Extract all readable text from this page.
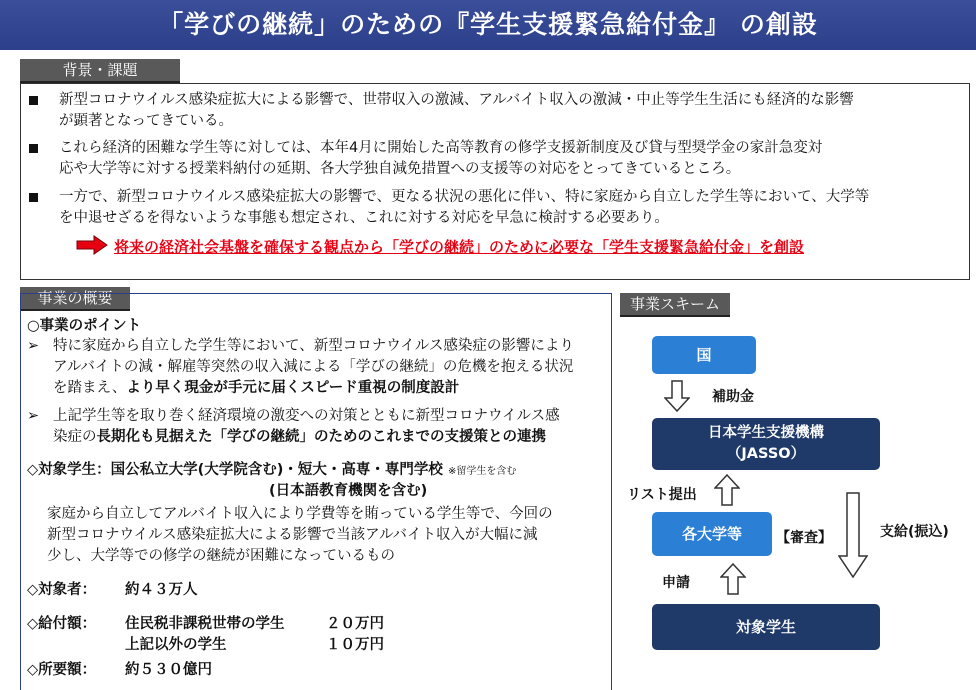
「学びの継続」のための『学生支援緊急給付金』 の創設
背景・課題
新型コロナウイルス感染症拡大による影響で、世帯収入の激減、アルバイト収入の激減・中止等学生生活にも経済的な影響
が顕著となってきている。
これら経済的困難な学生等に対しては、本年4月に開始した高等教育の修学支援新制度及び貸与型奨学金の家計急変対
応や大学等に対する授業料納付の延期、各大学独自減免措置への支援等の対応をとってきているところ。
一方で、新型コロナウイルス感染症拡大の影響で、更なる状況の悪化に伴い、特に家庭から自立した学生等において、大学等
を中退せざるを得ないような事態も想定され、これに対する対応を早急に検討する必要あり。
将来の経済社会基盤を確保する観点から「学びの継続」のために必要な「学生支援緊急給付金」を創設
事業の概要
○事業のポイント
➢ 特に家庭から自立した学生等において、新型コロナウイルス感染症の影響により
アルバイトの減・解雇等突然の収入減による「学びの継続」の危機を抱える状況
を踏まえ、より早く現金が手元に届くスピード重視の制度設計
➢ 上記学生等を取り巻く経済環境の激変への対策とともに新型コロナウイルス感
染症の長期化も見据えた「学びの継続」のためのこれまでの支援策との連携
◇対象学生：国公私立大学(大学院含む)・短大・高専・専門学校 ※留学生を含む
(日本語教育機関を含む)
家庭から自立してアルバイト収入により学費等を賄っている学生等で、今回の
新型コロナウイルス感染症拡大による影響で当該アルバイト収入が大幅に減
少し、大学等での修学の継続が困難になっているもの
◇対象者： 約４３万人
◇給付額： 住民税非課税世帯の学生	２０万円
上記以外の学生	１０万円
◇所要額： 約５３０億円
事業スキーム
国
補助金
日本学生支援機構
（JASSO）
リスト提出
支給(振込)
各大学等	【審査】
申請
対象学生
